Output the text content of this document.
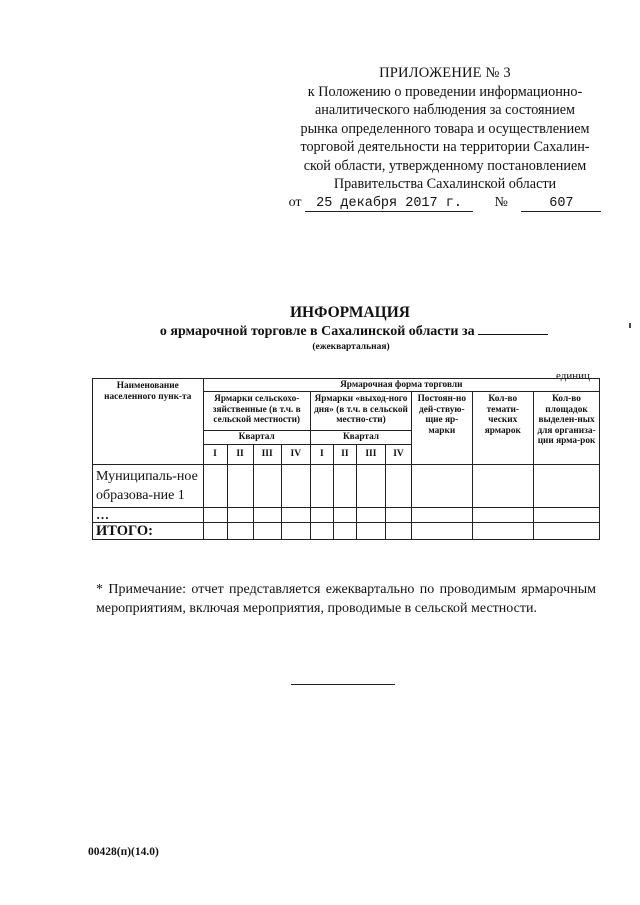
ПРИЛОЖЕНИЕ № 3
к Положению о проведении информационно-
аналитического наблюдения за состоянием
рынка определенного товара и осуществлением
торговой деятельности на территории Сахалин-
ской области, утвержденному постановлением
Правительства Сахалинской области
от 25 декабря 2017 г. №	607
ИНФОРМАЦИЯ
о ярмарочной торговле в Сахалинской области за
(ежеквартальная)
единиц
Наименование населенного пунк-та	Ярмарочная форма торговли										
	Ярмарки сельскохо-зяйственные (в т.ч. в сельской местности)				Ярмарки «выход-ного дня» (в т.ч. в сельской местно-сти)				Постоян-но дей-ствую-щие яр-марки	Кол-во темати-ческих ярмарок	Кол-во площадок выделен-ных для организа-ции ярма-рок
	Квартал				Квартал						
	I	II	III	IV	I	II	III	IV			
Муниципаль-ное образова-ние 1											
…											
ИТОГО:											
* Примечание: отчет представляется ежеквартально по проводимым ярмарочным мероприятиям, включая мероприятия, проводимые в сельской местности.
00428(п)(14.0)
